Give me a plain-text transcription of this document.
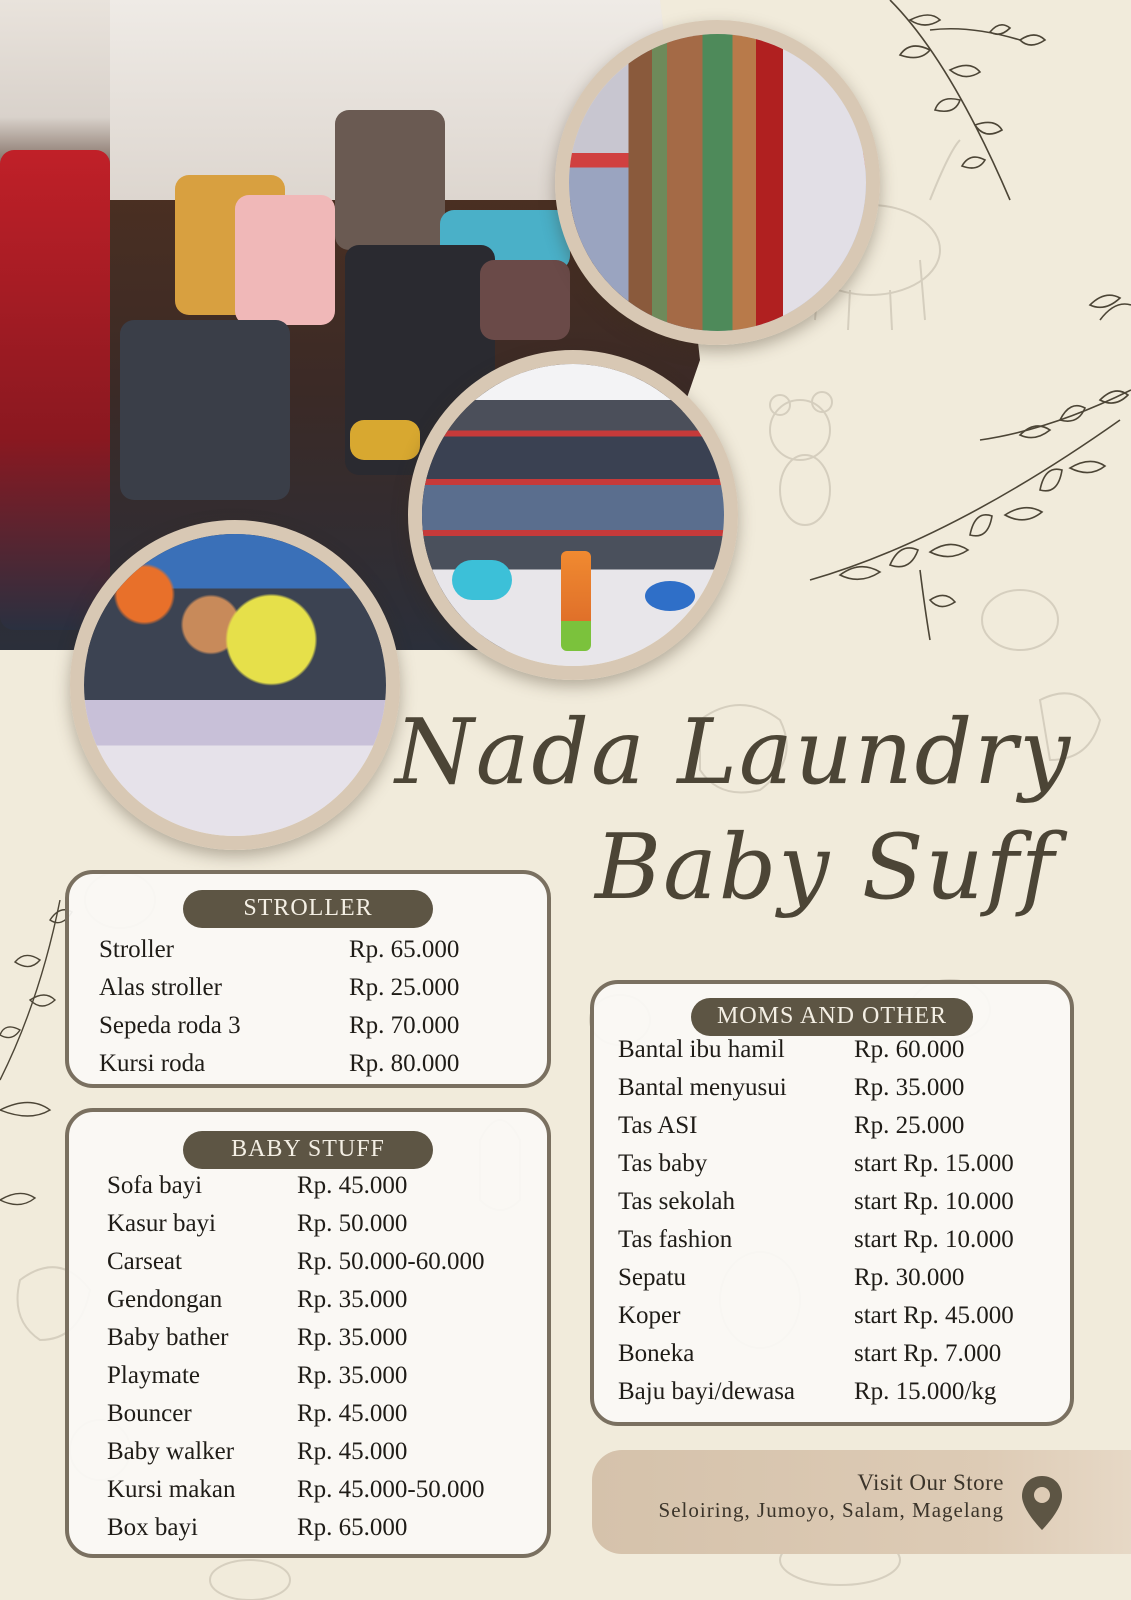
Nada Laundry
Baby Suff
STROLLER
Stroller	Rp. 65.000
Alas stroller	Rp. 25.000
Sepeda roda 3	Rp. 70.000
Kursi roda	Rp. 80.000
BABY STUFF
Sofa bayi	Rp. 45.000
Kasur bayi	Rp. 50.000
Carseat	Rp. 50.000-60.000
Gendongan	Rp. 35.000
Baby bather	Rp. 35.000
Playmate	Rp. 35.000
Bouncer	Rp. 45.000
Baby walker	Rp. 45.000
Kursi makan Rp. 45.000-50.000
Box bayi	Rp. 65.000
MOMS AND OTHER
Bantal ibu hamil	Rp. 60.000
Bantal menyusui	Rp. 35.000
Tas ASI	Rp. 25.000
Tas baby	start Rp. 15.000
Tas sekolah	start Rp. 10.000
Tas fashion	start Rp. 10.000
Sepatu	Rp. 30.000
Koper	start Rp. 45.000
Boneka	start Rp. 7.000
Baju bayi/dewasa Rp. 15.000/kg
Visit Our Store
Seloiring, Jumoyo, Salam, Magelang
